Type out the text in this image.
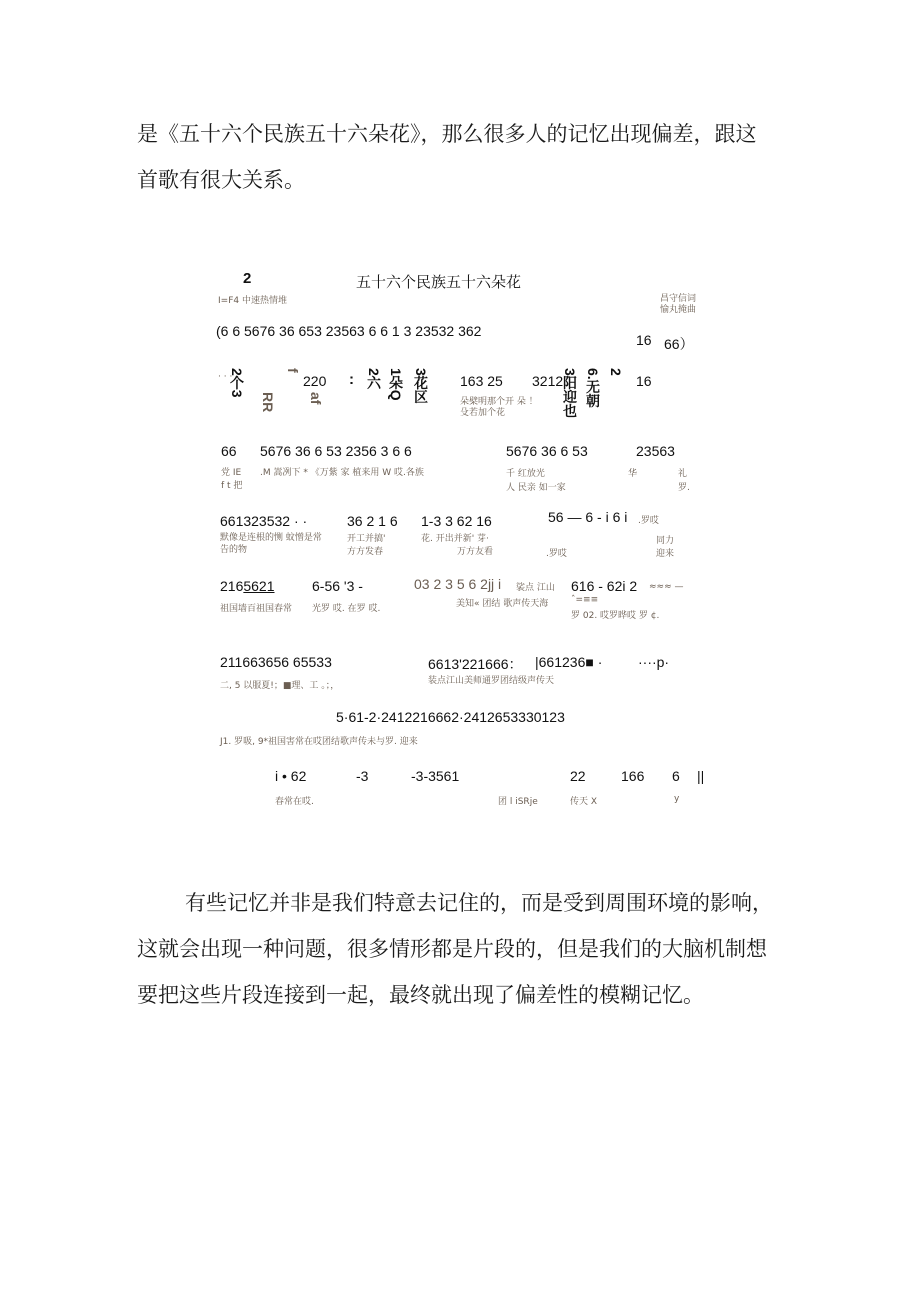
是《五十六个民族五十六朵花》，那么很多人的记忆出现偏差，跟这

首歌有很大关系。

2	五十六个民族五十六朵花
I=F4 中速热情堆	昌守信词
愉丸掩曲
(6 6 5676 36 653 23563 6 6 1 3 23532 362
16 66）
· · ·
2个3
RR
f
220
af
: 2六 1朵Q 3花区 163 25 3212
3阳迎也 6.无朝 2
16
朵檗明那个开 朵 ！
殳若加个花
66 5676 36 6 53 2356 3 6 6	5676 36 6 53	23563
党 IE .M 嵩冽下 * 《万紫 家 植来用 W 哎.各族	千 红放光	华	礼
f t 把	人 民亲 如一家	罗.
661323532 · ·	36 2 1 6 1-3 3 62 16	56 — 6 - i 6 i .罗哎
默像是连根的恻 蚊憎是常	开工并搞'	花. 开出并新' 芽·
告的物	方方发春	万方友看	.罗哎
同力
迎来
2165621	6-56 '3 -	03 2 3 5 6 2jj i 裟点 江山 616 - 62i 2 ≈≈≈ —
祖国墙百祖国春常 光罗 哎. 在罗 哎.	美知« 团结 歌声传天海	ˆ=≡≡
罗 02. 哎罗晔哎 罗 ¢.
211663656 65533	6613'221666： |661236■ ·	····p·
二, 5 以服夏!；■理、工 。；，	装点江山美师通罗团结级声传天
5·61-2·2412216662·2412653330123
J1. 罗吸, 9*祖国害常在哎团结歌声传未与罗. 迎来
i • 62	-3	-3-3561	22	166 6 ||
春常在哎.	团 l iSRje	传天 X	y

有些记忆并非是我们特意去记住的，而是受到周围环境的影响，

这就会出现一种问题，很多情形都是片段的，但是我们的大脑机制想

要把这些片段连接到一起，最终就出现了偏差性的模糊记忆。
